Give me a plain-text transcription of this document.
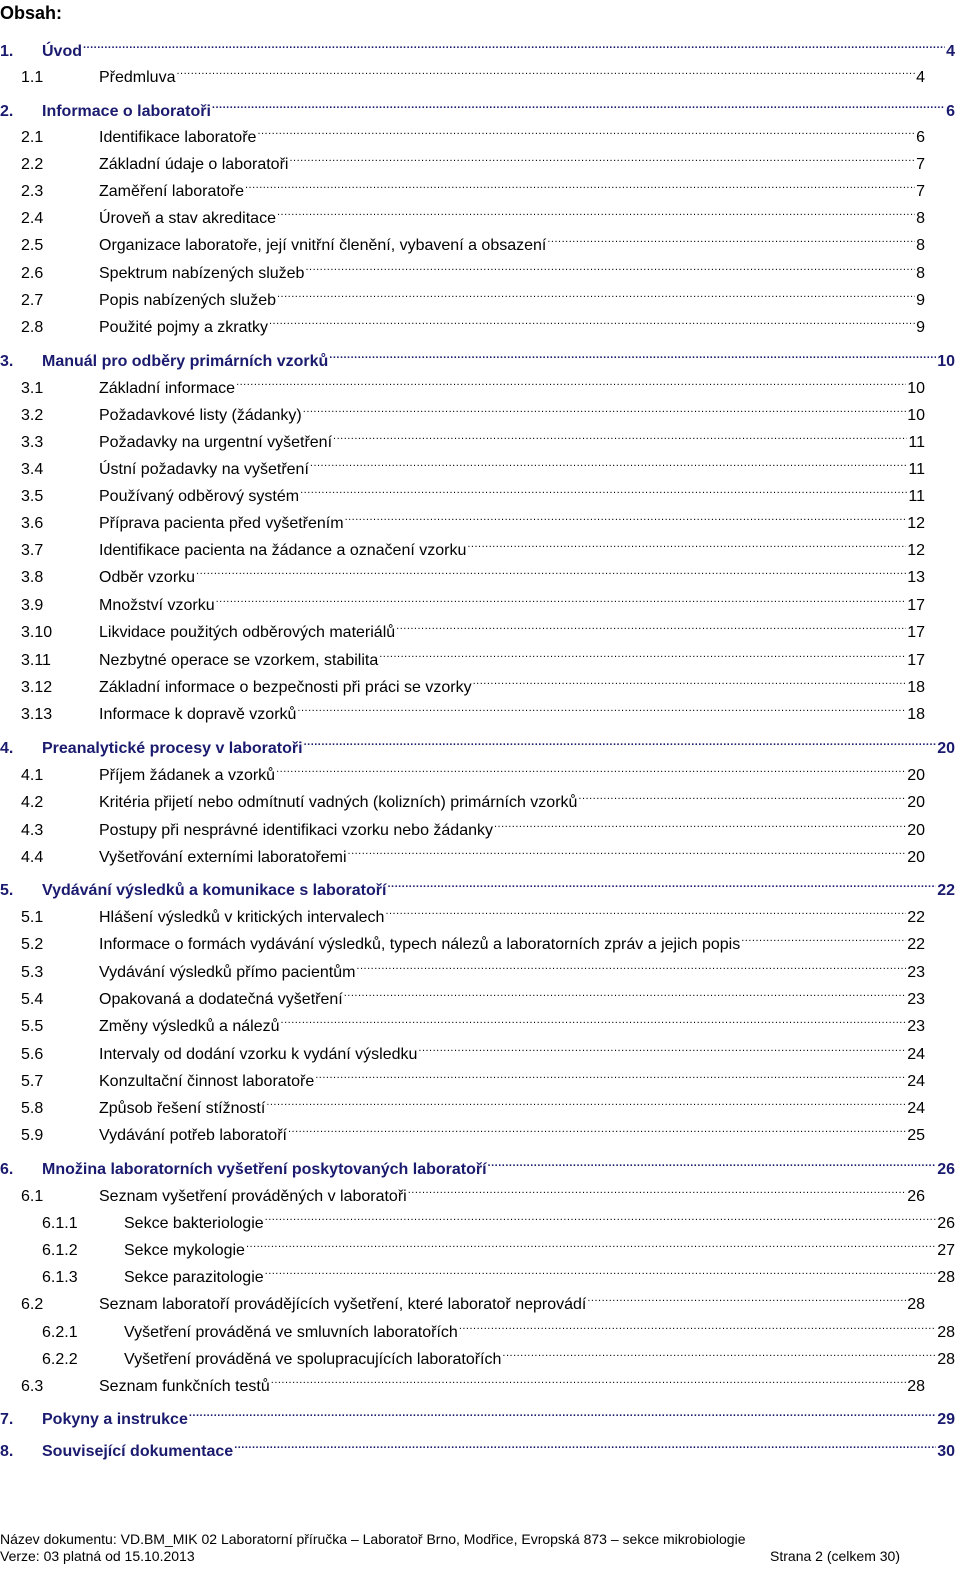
Obsah:
1.	Úvod .....	4
1.1	Předmluva .....	4
2.	Informace o laboratoři .....	6
2.1	Identifikace laboratoře .....	6
2.2	Základní údaje o laboratoři .....	7
2.3	Zaměření laboratoře .....	7
2.4	Úroveň a stav akreditace .....	8
2.5	Organizace laboratoře, její vnitřní členění, vybavení a obsazení .....	8
2.6	Spektrum nabízených služeb .....	8
2.7	Popis nabízených služeb .....	9
2.8	Použité pojmy a zkratky .....	9
3.	Manuál pro odběry primárních vzorků .....	10
3.1	Základní informace .....	10
3.2	Požadavkové listy (žádanky) .....	10
3.3	Požadavky na urgentní vyšetření .....	11
3.4	Ústní požadavky na vyšetření .....	11
3.5	Používaný odběrový systém .....	11
3.6	Příprava pacienta před vyšetřením .....	12
3.7	Identifikace pacienta na žádance a označení vzorku .....	12
3.8	Odběr vzorku .....	13
3.9	Množství vzorku .....	17
3.10	Likvidace použitých odběrových materiálů .....	17
3.11	Nezbytné operace se vzorkem, stabilita .....	17
3.12	Základní informace o bezpečnosti při práci se vzorky .....	18
3.13	Informace k dopravě vzorků .....	18
4.	Preanalytické procesy v laboratoři .....	20
4.1	Příjem žádanek a vzorků .....	20
4.2	Kritéria přijetí nebo odmítnutí vadných (kolizních) primárních vzorků .....	20
4.3	Postupy při nesprávné identifikaci vzorku nebo žádanky .....	20
4.4	Vyšetřování externími laboratořemi .....	20
5.	Vydávání výsledků a komunikace s laboratoří .....	22
5.1	Hlášení výsledků v kritických intervalech .....	22
5.2	Informace o formách vydávání výsledků, typech nálezů a laboratorních zpráv a jejich popis .....	22
5.3	Vydávání výsledků přímo pacientům .....	23
5.4	Opakovaná a dodatečná vyšetření .....	23
5.5	Změny výsledků a nálezů .....	23
5.6	Intervaly od dodání vzorku k vydání výsledku .....	24
5.7	Konzultační činnost laboratoře .....	24
5.8	Způsob řešení stížností .....	24
5.9	Vydávání potřeb laboratoří .....	25
6.	Množina laboratorních vyšetření poskytovaných laboratoří .....	26
6.1	Seznam vyšetření prováděných v laboratoři .....	26
6.1.1	Sekce bakteriologie .....	26
6.1.2	Sekce mykologie .....	27
6.1.3	Sekce parazitologie .....	28
6.2	Seznam laboratoří provádějících vyšetření, které laboratoř neprovádí .....	28
6.2.1	Vyšetření prováděná ve smluvních laboratořích .....	28
6.2.2	Vyšetření prováděná ve spolupracujících laboratořích .....	28
6.3	Seznam funkčních testů .....	28
7.	Pokyny a instrukce .....	29
8.	Související dokumentace .....	30
Název dokumentu: VD.BM_MIK 02 Laboratorní příručka – Laboratoř Brno, Modřice, Evropská 873 – sekce mikrobiologie
Verze: 03 platná od 15.10.2013	Strana 2 (celkem 30)
